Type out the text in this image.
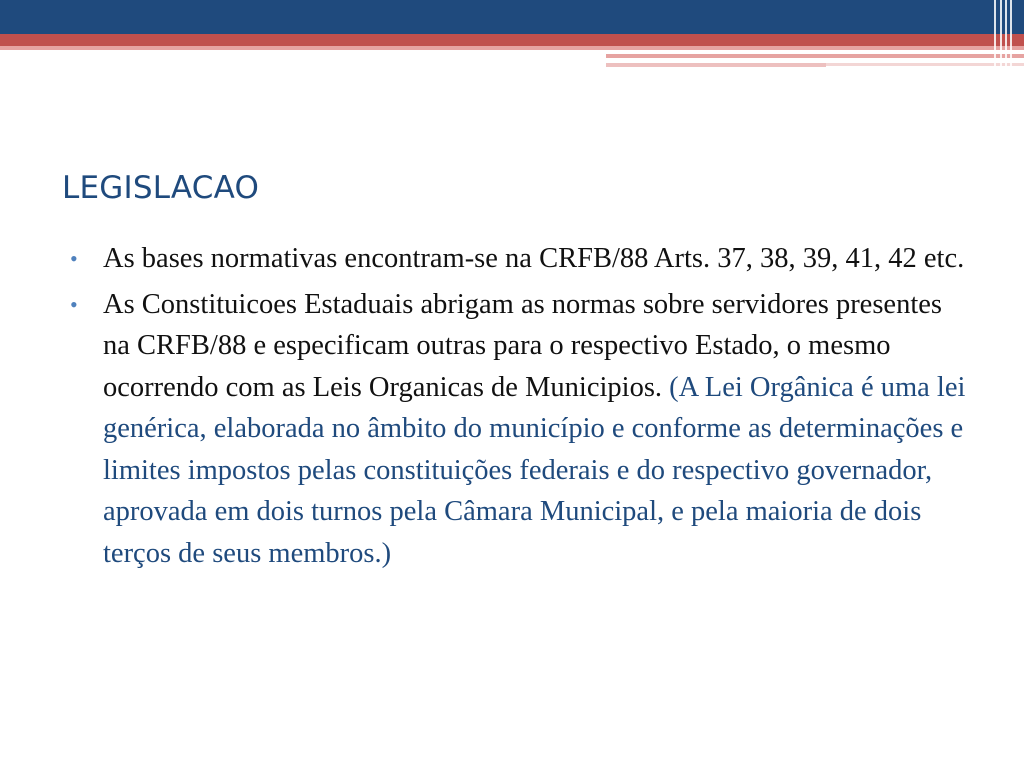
LEGISLACAO
• As bases normativas encontram-se na CRFB/88 Arts. 37, 38, 39, 41, 42 etc.
• As Constituicoes Estaduais abrigam as normas sobre servidores presentes na CRFB/88 e especificam outras para o respectivo Estado, o mesmo ocorrendo com as Leis Organicas de Municipios. (A Lei Orgânica é uma lei genérica, elaborada no âmbito do município e conforme as determinações e limites impostos pelas constituições federais e do respectivo governador, aprovada em dois turnos pela Câmara Municipal, e pela maioria de dois terços de seus membros.)
